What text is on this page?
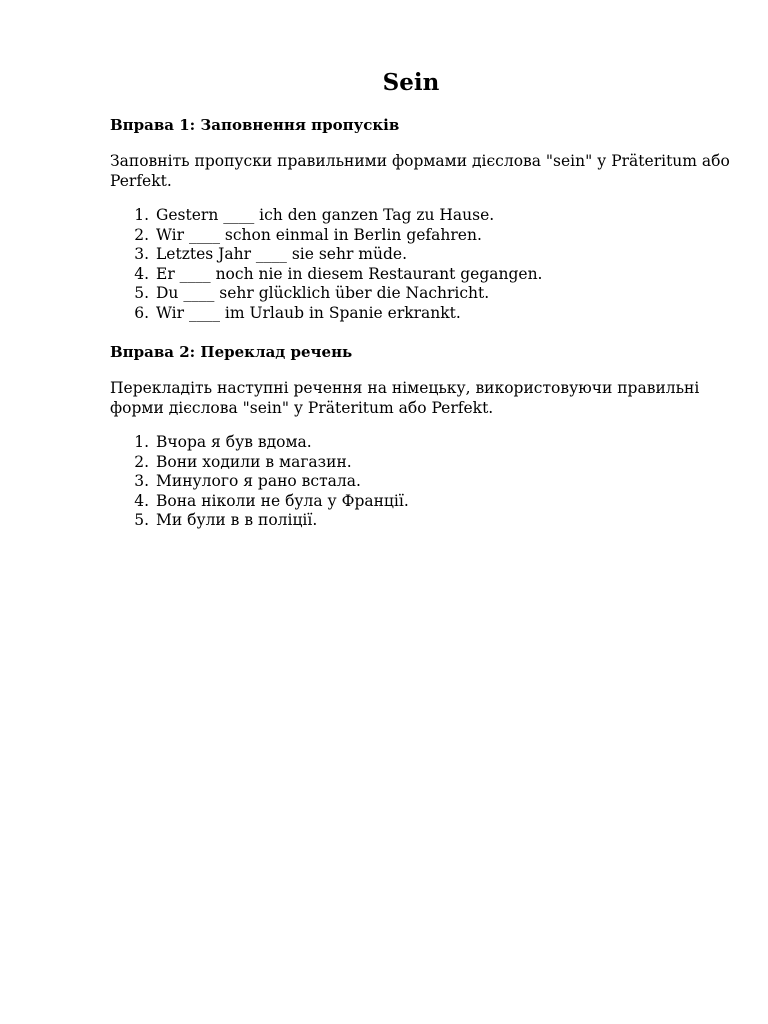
Sein
Вправа 1: Заповнення пропусків

Заповніть пропуски правильними формами дієслова "sein" у Präteritum або
Perfekt.

1. Gestern ____ ich den ganzen Tag zu Hause.
2. Wir ____ schon einmal in Berlin gefahren.
3. Letztes Jahr ____ sie sehr müde.
4. Er ____ noch nie in diesem Restaurant gegangen.
5. Du ____ sehr glücklich über die Nachricht.
6. Wir ____ im Urlaub in Spanie erkrankt.
Вправа 2: Переклад речень

Перекладіть наступні речення на німецьку, використовуючи правильні
форми дієслова "sein" у Präteritum або Perfekt.

1. Вчора я був вдома.
2. Вони ходили в магазин.
3. Минулого я рано встала.
4. Вона ніколи не була у Франції.
5. Ми були в в поліції.
